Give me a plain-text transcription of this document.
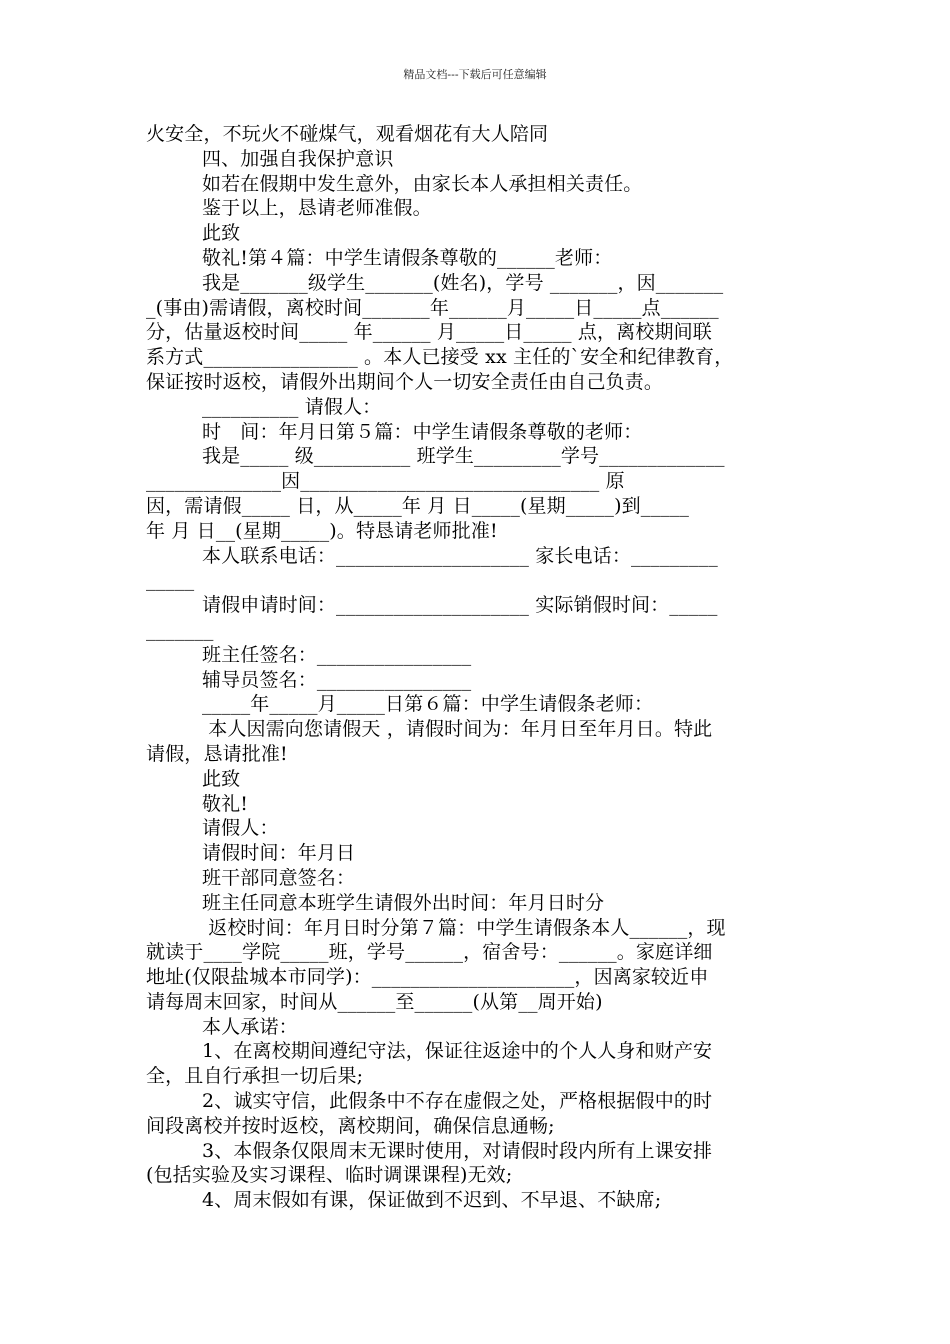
精品文档---下载后可任意编辑
火安全，不玩火不碰煤气，观看烟花有大人陪同
四、加强自我保护意识
如若在假期中发生意外，由家长本人承担相关责任。
鉴于以上，恳请老师准假。
此致
敬礼!第４篇：中学生请假条尊敬的______老师：
我是_______级学生_______(姓名)，学号 _______，因_______
_(事由)需请假，离校时间_______年______月_____日_____点______
分，估量返校时间_____ 年______ 月_____日_____ 点，离校期间联
系方式________________ 。本人已接受 xx 主任的`安全和纪律教育，
保证按时返校，请假外出期间个人一切安全责任由自己负责。
__________ 请假人：
时　间：年月日第５篇：中学生请假条尊敬的老师：
我是_____ 级__________ 班学生_________学号_____________
______________因_______________________________ 原
因，需请假_____ 日，从_____年 月 日_____(星期_____)到_____
年 月 日__(星期_____)。特恳请老师批准!
本人联系电话：____________________ 家长电话：_________
_____
请假申请时间：____________________ 实际销假时间：_____
_______
班主任签名：________________
辅导员签名：________________
_____年_____月_____日第６篇：中学生请假条老师：
本人因需向您请假天 ，请假时间为：年月日至年月日。特此
请假，恳请批准!
此致
敬礼!
请假人：
请假时间：年月日
班干部同意签名：
班主任同意本班学生请假外出时间：年月日时分
返校时间：年月日时分第７篇：中学生请假条本人______，现
就读于____学院_____班，学号______，宿舍号：______。家庭详细
地址(仅限盐城本市同学)：_____________________，因离家较近申
请每周末回家，时间从______至______(从第__周开始)
本人承诺：
1、在离校期间遵纪守法，保证往返途中的个人人身和财产安
全，且自行承担一切后果;
2、诚实守信，此假条中不存在虚假之处，严格根据假中的时
间段离校并按时返校，离校期间，确保信息通畅;
3、本假条仅限周末无课时使用，对请假时段内所有上课安排
(包括实验及实习课程、临时调课课程)无效;
4、周末假如有课，保证做到不迟到、不早退、不缺席;
